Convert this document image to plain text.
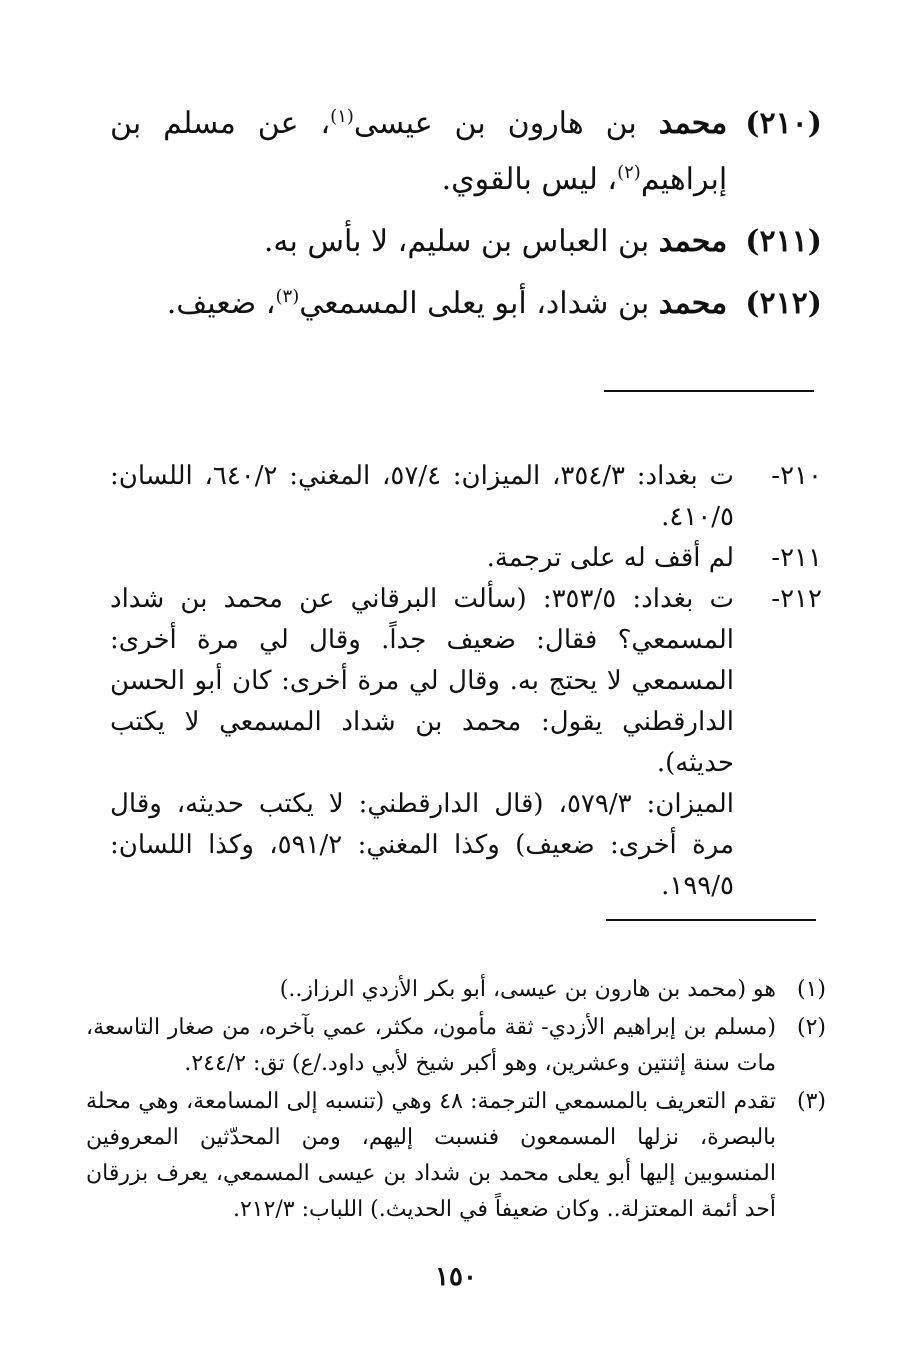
(٢١٠)
محمد بن هارون بن عيسى$^{(١)}$، عن مسلم بن إبراهيم$^{(٢)}$، ليس بالقوي.
(٢١١)
محمد بن العباس بن سليم، لا بأس به.
(٢١٢)
محمد بن شداد، أبو يعلى المسمعي$^{(٣)}$، ضعيف.
٢١٠-
ت بغداد: ٣٥٤/٣، الميزان: ٥٧/٤، المغني: ٦٤٠/٢، اللسان: ٤١٠/٥.
٢١١-
لم أقف له على ترجمة.
٢١٢-
ت بغداد: ٣٥٣/٥: (سألت البرقاني عن محمد بن شداد المسمعي؟ فقال: ضعيف جداً. وقال لي مرة أخرى: المسمعي لا يحتج به. وقال لي مرة أخرى: كان أبو الحسن الدارقطني يقول: محمد بن شداد المسمعي لا يكتب حديثه).
الميزان: ٥٧٩/٣، (قال الدارقطني: لا يكتب حديثه، وقال مرة أخرى: ضعيف) وكذا المغني: ٥٩١/٢، وكذا اللسان: ١٩٩/٥.
(١)
هو (محمد بن هارون بن عيسى، أبو بكر الأزدي الرزاز..)
(٢)
(مسلم بن إبراهيم الأزدي- ثقة مأمون، مكثر، عمي بآخره، من صغار التاسعة، مات سنة إثنتين وعشرين، وهو أكبر شيخ لأبي داود./ع) تق: ٢٤٤/٢.
(٣)
تقدم التعريف بالمسمعي الترجمة: ٤٨ وهي (تنسبه إلى المسامعة، وهي محلة بالبصرة، نزلها المسمعون فنسبت إليهم، ومن المحدّثين المعروفين المنسوبين إليها أبو يعلى محمد بن شداد بن عيسى المسمعي، يعرف بزرقان أحد أئمة المعتزلة.. وكان ضعيفاً في الحديث.) اللباب: ٢١٢/٣.
١٥٠
